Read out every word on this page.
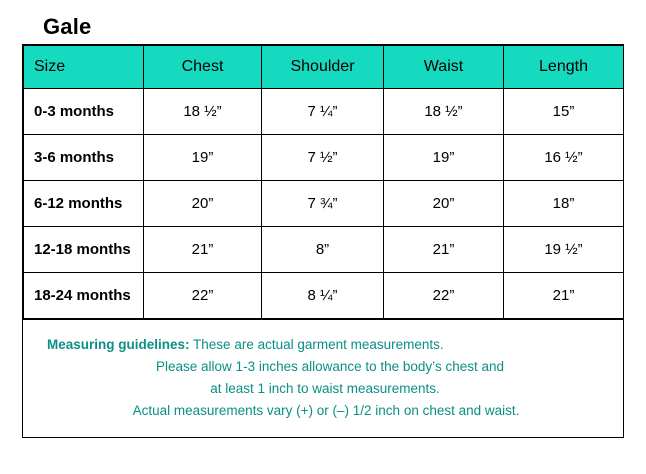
Gale
Size	Chest	Shoulder	Waist	Length
0-3 months	18 ½”	7 ¼”	18 ½”	15”
3-6 months	19”	7 ½”	19”	16 ½”
6-12 months	20”	7 ¾”	20”	18”
12-18 months	21”	8”	21”	19 ½”
18-24 months	22”	8 ¼”	22”	21”
Measuring guidelines: These are actual garment measurements.
Please allow 1-3 inches allowance to the body’s chest and
at least 1 inch to waist measurements.
Actual measurements vary (+) or (–) 1/2 inch on chest and waist.
